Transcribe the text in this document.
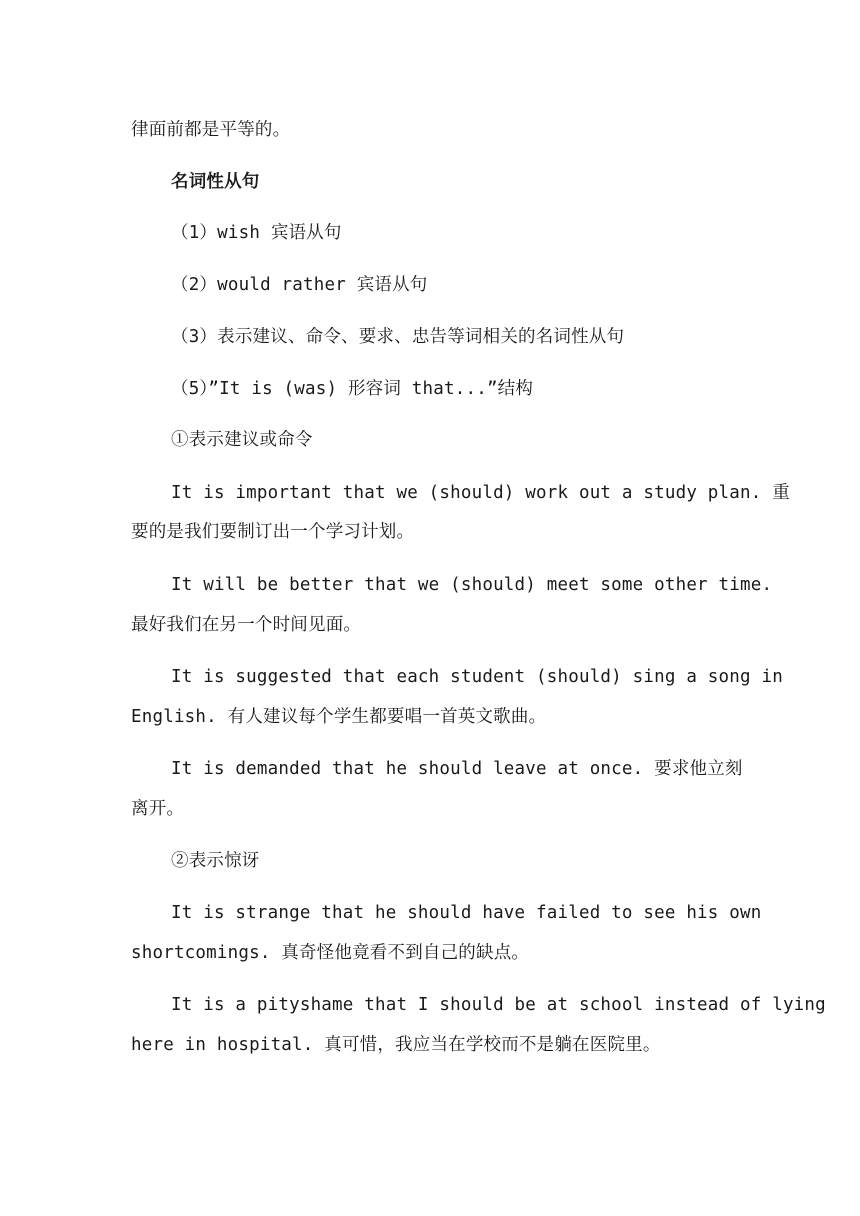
律面前都是平等的。
名词性从句
（1）wish 宾语从句
（2）would rather 宾语从句
（3）表示建议、命令、要求、忠告等词相关的名词性从句
（5）”It is (was) 形容词 that...”结构
①表示建议或命令
It is important that we (should) work out a study plan. 重
要的是我们要制订出一个学习计划。
It will be better that we (should) meet some other time.
最好我们在另一个时间见面。
It is suggested that each student (should) sing a song in
English. 有人建议每个学生都要唱一首英文歌曲。
It is demanded that he should leave at once. 要求他立刻
离开。
②表示惊讶
It is strange that he should have failed to see his own
shortcomings. 真奇怪他竟看不到自己的缺点。
It is a pityshame that I should be at school instead of lying
here in hospital. 真可惜，我应当在学校而不是躺在医院里。
